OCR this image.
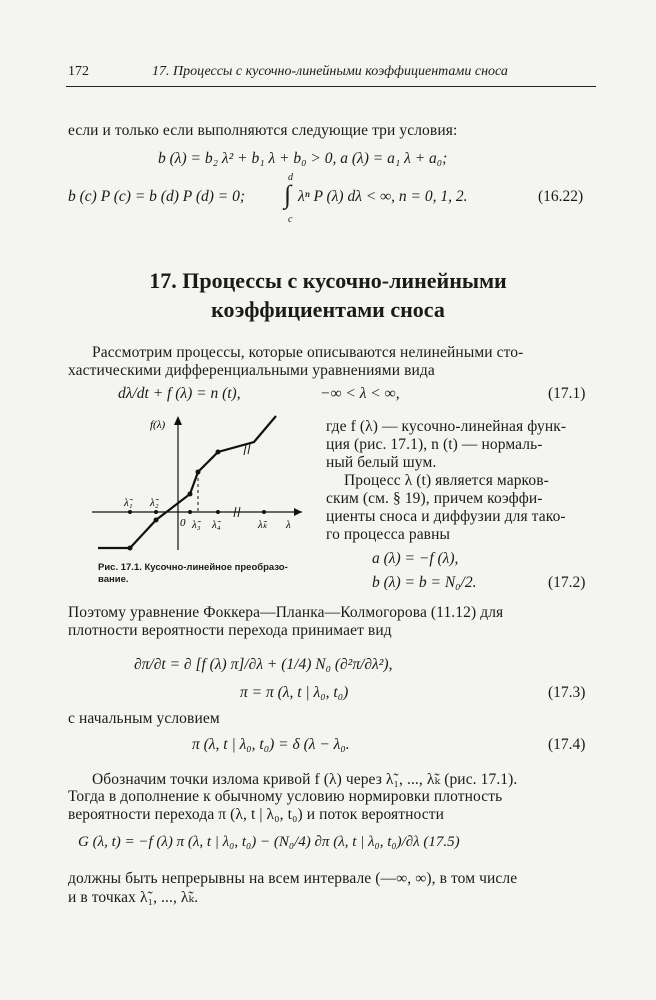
172	17. Процессы с кусочно-линейными коэффициентами сноса
если и только если выполняются следующие три условия:
b (λ) = b₂ λ² + b₁ λ + b₀ > 0, a (λ) = a₁ λ + a₀;
b (c) P (c) = b (d) P (d) = 0;
d
∫
c
λⁿ P (λ) dλ < ∞, n = 0, 1, 2.	(16.22)
17. Процессы с кусочно-линейными
коэффициентами сноса
Рассмотрим процессы, которые описываются нелинейными сто-
хастическими дифференциальными уравнениями вида
dλ/dt + f (λ) = n (t),	−∞ < λ < ∞,	(17.1)
f(λ)
0	λ
λ̃₁ λ̃₂
λ̃₃ λ̃₄	λ̃ₖ
Рис. 17.1. Кусочно-линейное преобразо-
вание.
где f (λ) — кусочно-линейная функ-
ция (рис. 17.1), n (t) — нормаль-
ный белый шум.
Процесс λ (t) является марков-
ским (см. § 19), причем коэффи-
циенты сноса и диффузии для тако-
го процесса равны
a (λ) = −f (λ),
b (λ) = b = N₀/2.	(17.2)
Поэтому уравнение Фоккера—Планка—Колмогорова (11.12) для
плотности вероятности перехода принимает вид
∂π/∂t = ∂ [f (λ) π]/∂λ + (1/4) N₀ (∂²π/∂λ²),
π = π (λ, t | λ₀, t₀)	(17.3)
с начальным условием
π (λ, t | λ₀, t₀) = δ (λ − λ₀.	(17.4)
Обозначим точки излома кривой f (λ) через λ̃₁, ..., λ̃ₖ (рис. 17.1).
Тогда в дополнение к обычному условию нормировки плотность
вероятности перехода π (λ, t | λ₀, t₀) и поток вероятности
G (λ, t) = −f (λ) π (λ, t | λ₀, t₀) − (N₀/4) ∂π (λ, t | λ₀, t₀)/∂λ (17.5)
должны быть непрерывны на всем интервале (—∞, ∞), в том числе
и в точках λ̃₁, ..., λ̃ₖ.
